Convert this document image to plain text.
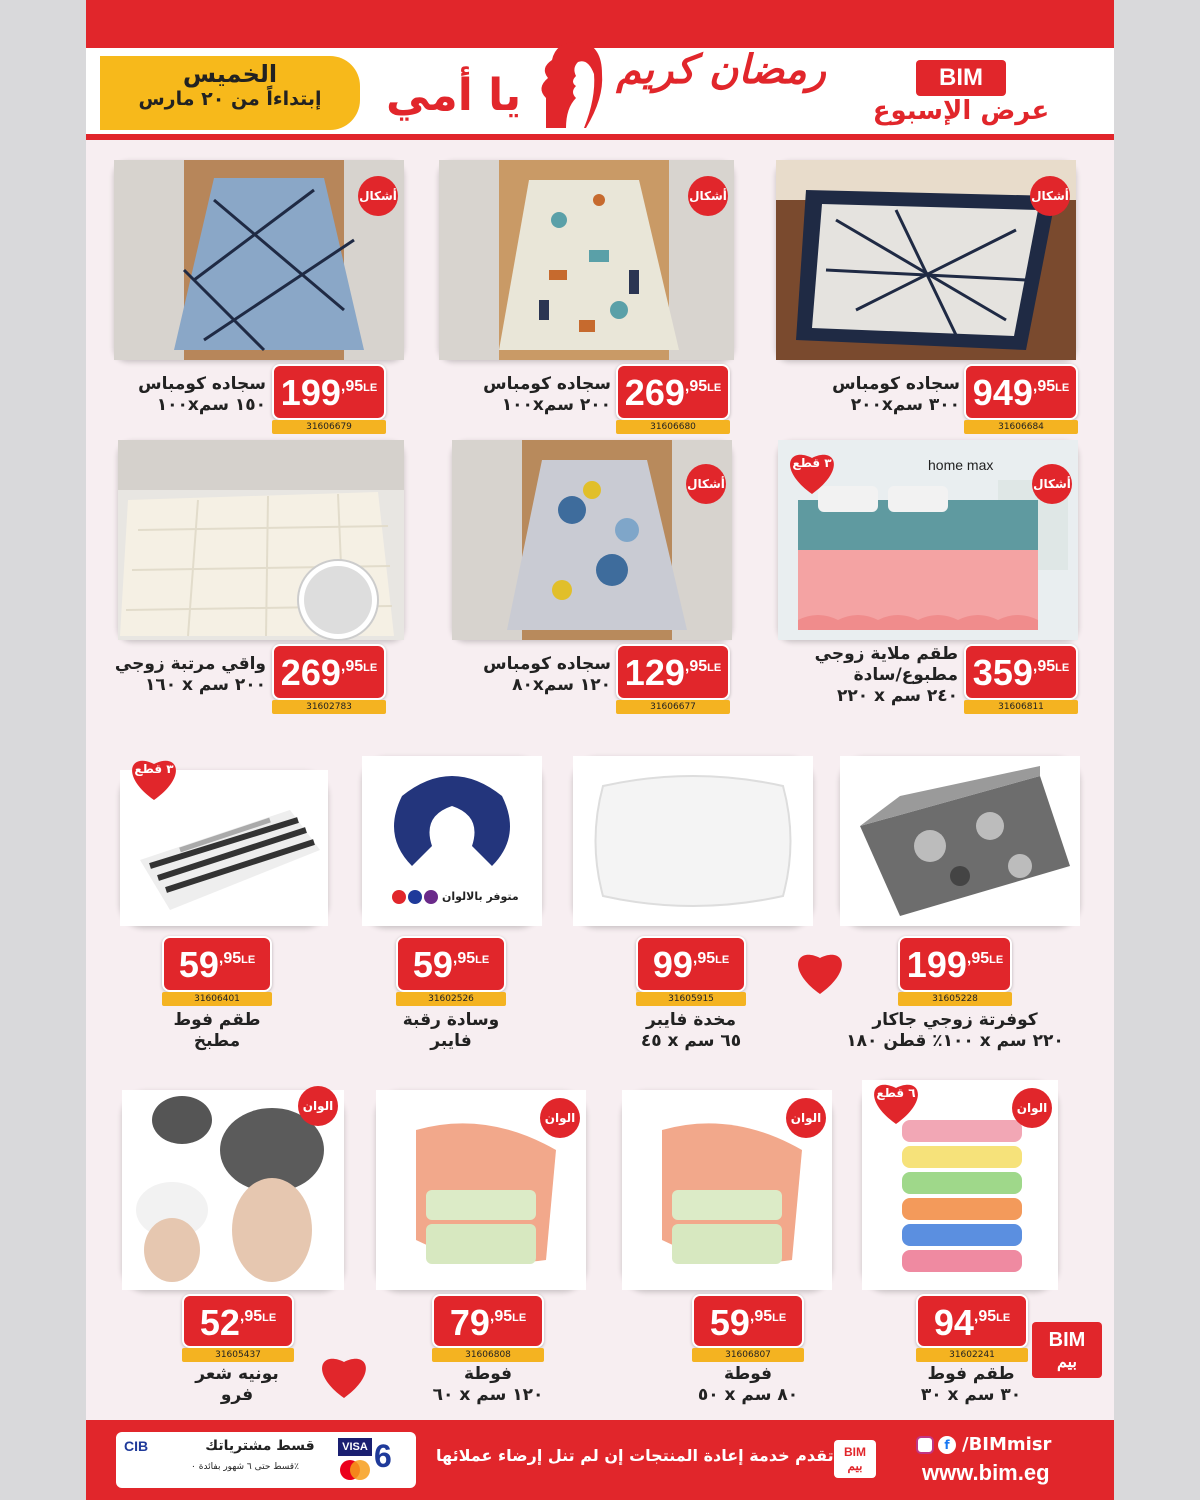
BIM
عرض الإسبوع
رمضان كريم
يا أمي
الخميس
إبتداءاً من ٢٠ مارس
أشكال
أشكال
أشكال
949 ,95LE
31606684
سجاده كومباس
٢٠٠x٣٠٠ سم
269 ,95LE
31606680
سجاده كومباس
١٠٠x٢٠٠ سم
199 ,95LE
31606679
سجاده كومباس
١٠٠x١٥٠ سم
home max
أشكال
٣ قطع
أشكال
359 ,95LE
31606811
طقم ملاية زوجي
مطبوع/سادة
٢٢٠ x ٢٤٠ سم
129 ,95LE
31606677
سجاده كومباس
٨٠x١٢٠ سم
269 ,95LE
31602783
واقي مرتبة زوجي
١٦٠ x ٢٠٠ سم
متوفر بالالوان
٣ قطع
199 ,95LE
31605228
كوفرتة زوجي جاكار
١٠٠٪ قطن ١٨٠ x ٢٢٠ سم
99 ,95LE
31605915
مخدة فايبر
٤٥ x ٦٥ سم
59 ,95LE
31602526
وسادة رقبة
فايبر
59 ,95LE
31606401
طقم فوط
مطبخ
الوان
٦ قطع
الوان
الوان
الوان
94 ,95LE
31602241
طقم فوط
٣٠ x ٣٠ سم
59 ,95LE
31606807
فوطة
٥٠ x ٨٠ سم
79 ,95LE
31606808
فوطة
٦٠ x ١٢٠ سم
52 ,95LE
31605437
بونيه شعر
فرو
BIM
بيم
6
VISA
قسط مشترياتك
قسط حتى ٦ شهور بفائدة ٠٪
CIB	BIM
بيم
تقدم خدمة إعادة المنتجات إن لم تنل إرضاء عملائها
f /BIMmisr
www.bim.eg
